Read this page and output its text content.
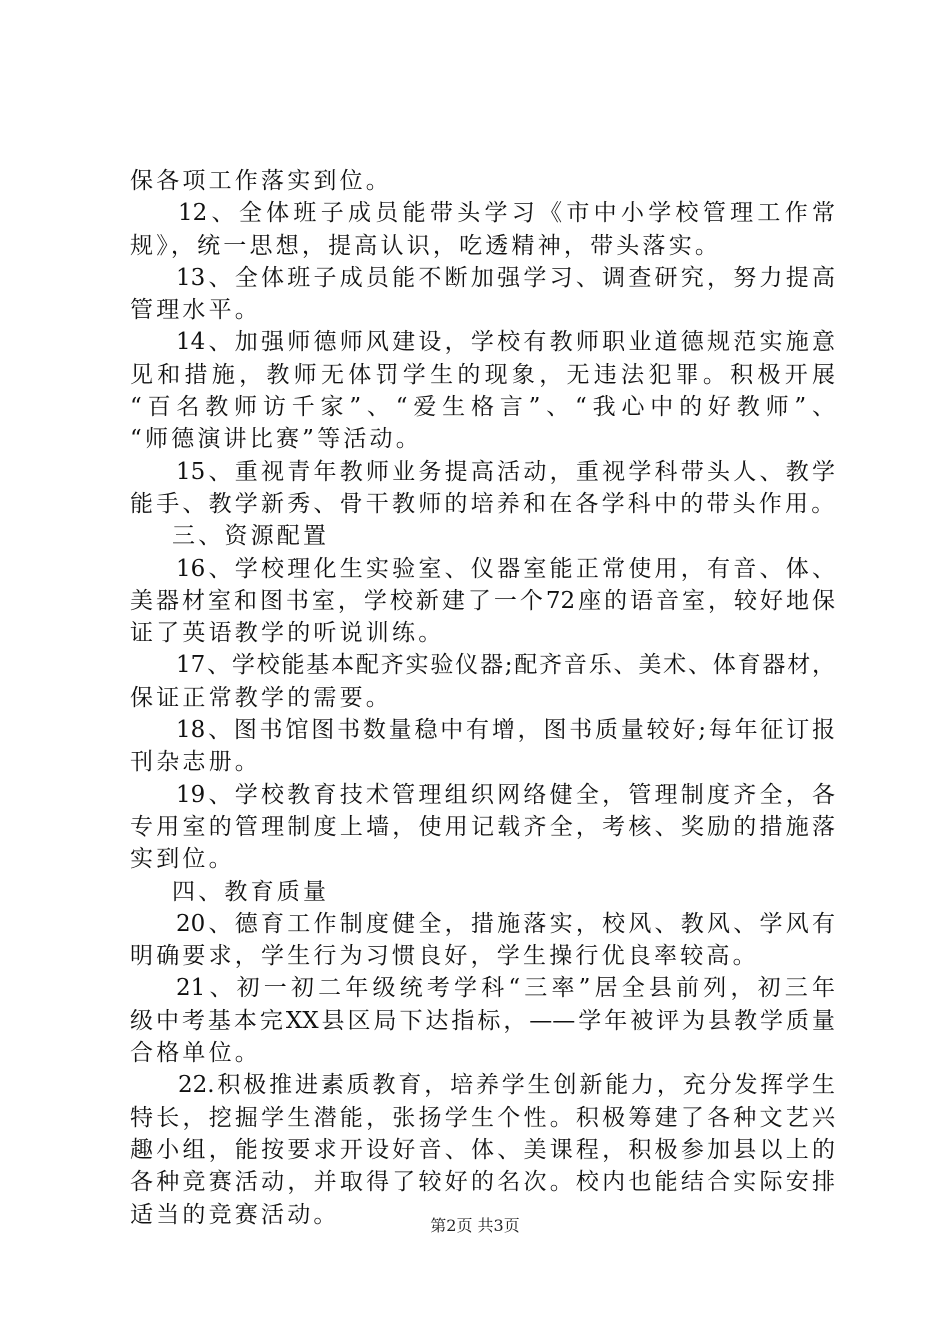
保各项工作落实到位。
12、全体班子成员能带头学习《市中小学校管理工作常
规》，统一思想，提高认识，吃透精神，带头落实。
13、全体班子成员能不断加强学习、调查研究，努力提高
管理水平。
14、加强师德师风建设，学校有教师职业道德规范实施意
见和措施，教师无体罚学生的现象，无违法犯罪。积极开展
“百名教师访千家”、“爱生格言”、“我心中的好教师”、
“师德演讲比赛”等活动。
15、重视青年教师业务提高活动，重视学科带头人、教学
能手、教学新秀、骨干教师的培养和在各学科中的带头作用。
三、资源配置
16、学校理化生实验室、仪器室能正常使用，有音、体、
美器材室和图书室，学校新建了一个72座的语音室，较好地保
证了英语教学的听说训练。
17、学校能基本配齐实验仪器;配齐音乐、美术、体育器材，
保证正常教学的需要。
18、图书馆图书数量稳中有增，图书质量较好;每年征订报
刊杂志册。
19、学校教育技术管理组织网络健全，管理制度齐全，各
专用室的管理制度上墙，使用记载齐全，考核、奖励的措施落
实到位。
四、教育质量
20、德育工作制度健全，措施落实，校风、教风、学风有
明确要求，学生行为习惯良好，学生操行优良率较高。
21、初一初二年级统考学科“三率”居全县前列，初三年
级中考基本完XX县区局下达指标，——学年被评为县教学质量
合格单位。
22.积极推进素质教育，培养学生创新能力，充分发挥学生
特长，挖掘学生潜能，张扬学生个性。积极筹建了各种文艺兴
趣小组，能按要求开设好音、体、美课程，积极参加县以上的
各种竞赛活动，并取得了较好的名次。校内也能结合实际安排
适当的竞赛活动。	第2页 共3页
